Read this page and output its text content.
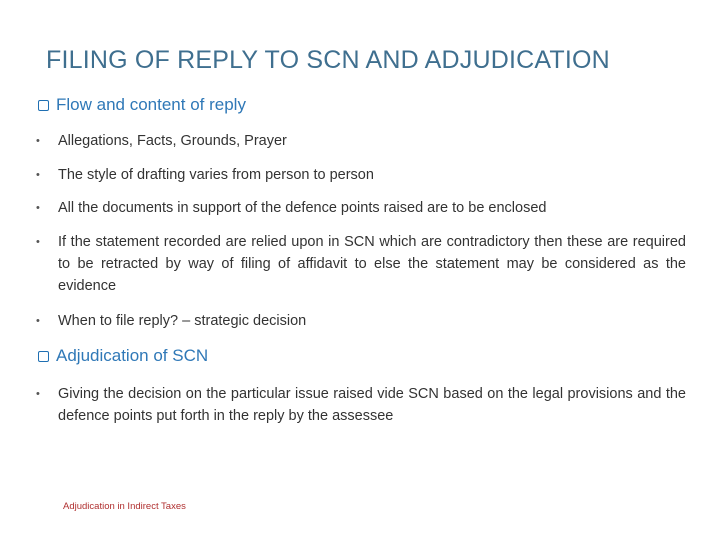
FILING OF REPLY TO SCN AND ADJUDICATION
Flow and content of reply
•	Allegations, Facts, Grounds, Prayer
•	The style of drafting varies from person to person
•	All the documents in support of the defence points raised are to be enclosed
•	If the statement recorded are relied upon in SCN which are contradictory then these are required to be retracted by way of filing of affidavit to else the statement may be considered as the evidence
•	When to file reply? – strategic decision
Adjudication of SCN
•	Giving the decision on the particular issue raised vide SCN based on the legal provisions and the defence points put forth in the reply by the assessee
Adjudication in Indirect Taxes
